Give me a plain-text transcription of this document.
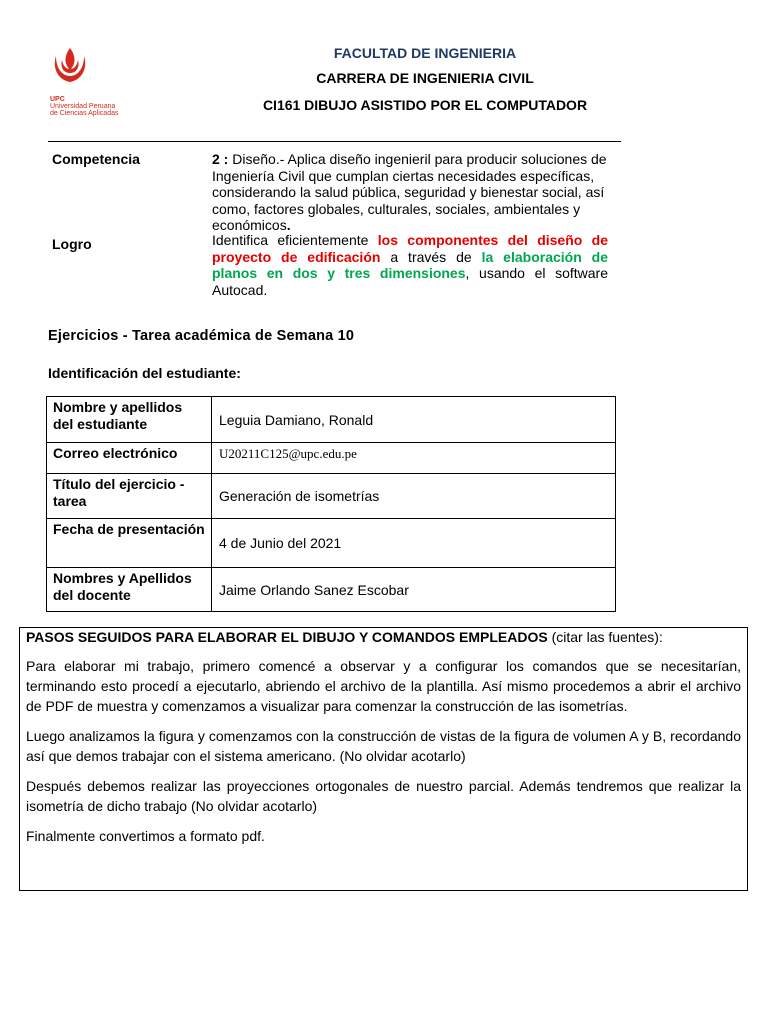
UPC
Universidad Peruana
de Ciencias Aplicadas
FACULTAD DE INGENIERIA
CARRERA DE INGENIERIA CIVIL
CI161 DIBUJO ASISTIDO POR EL COMPUTADOR
Competencia	2 : Diseño.- Aplica diseño ingenieril para producir soluciones de Ingeniería Civil que cumplan ciertas necesidades específicas, considerando la salud pública, seguridad y bienestar social, así como, factores globales, culturales, sociales, ambientales y económicos.
Logro	Identifica eficientemente los componentes del diseño de proyecto de edificación a través de la elaboración de planos en dos y tres dimensiones, usando el software Autocad.
Ejercicios - Tarea académica de Semana 10
Identificación del estudiante:
Nombre y apellidos del estudiante	Leguia Damiano, Ronald
Correo electrónico	U20211C125@upc.edu.pe
Título del ejercicio - tarea	Generación de isometrías
Fecha de presentación	4 de Junio del 2021
Nombres y Apellidos del docente	Jaime Orlando Sanez Escobar
PASOS SEGUIDOS PARA ELABORAR EL DIBUJO Y COMANDOS EMPLEADOS (citar las fuentes):

Para elaborar mi trabajo, primero comencé a observar y a configurar los comandos que se necesitarían, terminando esto procedí a ejecutarlo, abriendo el archivo de la plantilla. Así mismo procedemos a abrir el archivo de PDF de muestra y comenzamos a visualizar para comenzar la construcción de las isometrías.

Luego analizamos la figura y comenzamos con la construcción de vistas de la figura de volumen A y B, recordando así que demos trabajar con el sistema americano. (No olvidar acotarlo)

Después debemos realizar las proyecciones ortogonales de nuestro parcial. Además tendremos que realizar la isometría de dicho trabajo (No olvidar acotarlo)

Finalmente convertimos a formato pdf.
